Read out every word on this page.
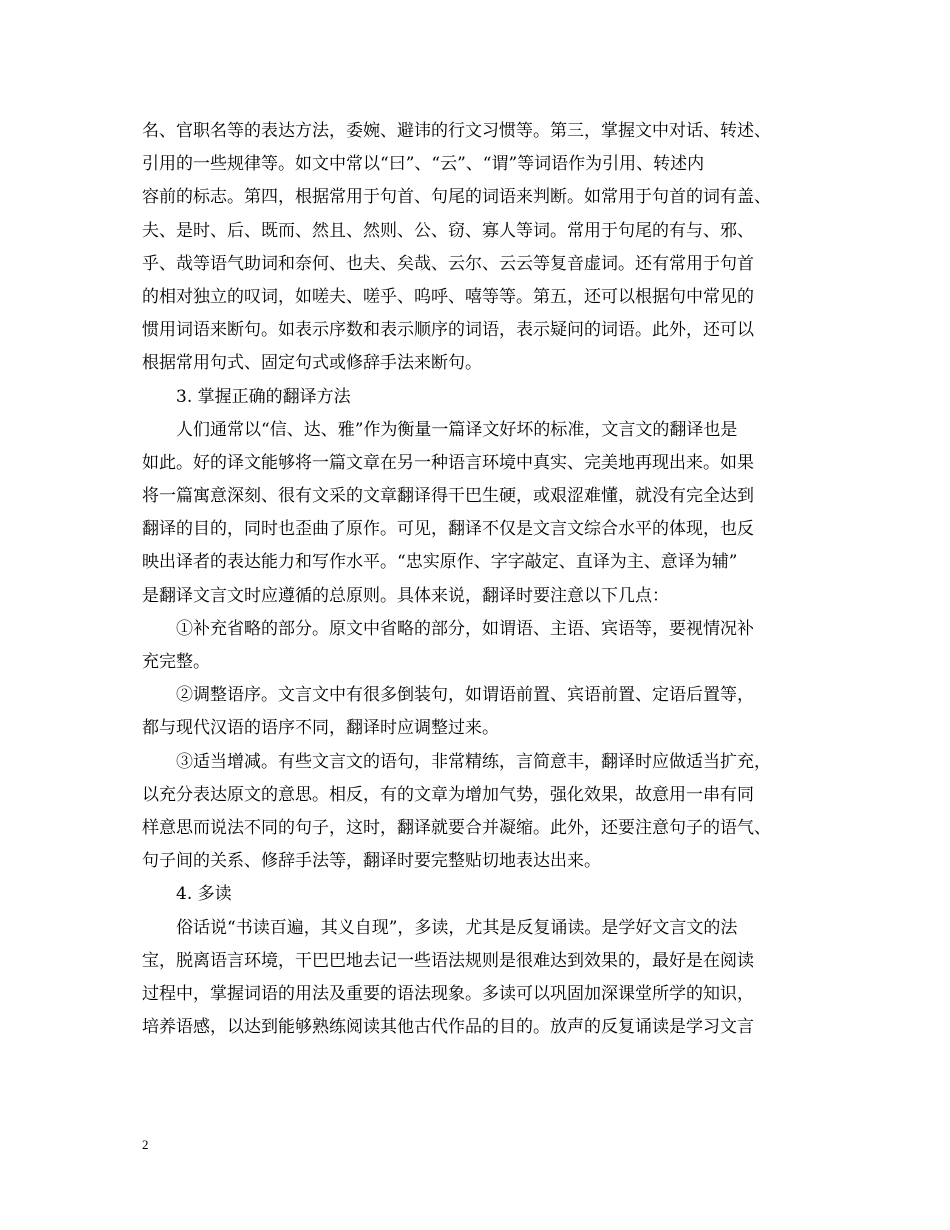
名、官职名等的表达方法，委婉、避讳的行文习惯等。第三，掌握文中对话、转述、
引用的一些规律等。如文中常以“曰”、“云”、“谓”等词语作为引用、转述内
容前的标志。第四，根据常用于句首、句尾的词语来判断。如常用于句首的词有盖、
夫、是时、后、既而、然且、然则、公、窃、寡人等词。常用于句尾的有与、邪、
乎、哉等语气助词和奈何、也夫、矣哉、云尔、云云等复音虚词。还有常用于句首
的相对独立的叹词，如嗟夫、嗟乎、呜呼、嘻等等。第五，还可以根据句中常见的
惯用词语来断句。如表示序数和表示顺序的词语，表示疑问的词语。此外，还可以
根据常用句式、固定句式或修辞手法来断句。
3. 掌握正确的翻译方法
人们通常以“信、达、雅”作为衡量一篇译文好坏的标准，文言文的翻译也是
如此。好的译文能够将一篇文章在另一种语言环境中真实、完美地再现出来。如果
将一篇寓意深刻、很有文采的文章翻译得干巴生硬，或艰涩难懂，就没有完全达到
翻译的目的，同时也歪曲了原作。可见，翻译不仅是文言文综合水平的体现，也反
映出译者的表达能力和写作水平。“忠实原作、字字敲定、直译为主、意译为辅”
是翻译文言文时应遵循的总原则。具体来说，翻译时要注意以下几点：
①补充省略的部分。原文中省略的部分，如谓语、主语、宾语等，要视情况补
充完整。
②调整语序。文言文中有很多倒装句，如谓语前置、宾语前置、定语后置等，
都与现代汉语的语序不同，翻译时应调整过来。
③适当增减。有些文言文的语句，非常精练，言简意丰，翻译时应做适当扩充，
以充分表达原文的意思。相反，有的文章为增加气势，强化效果，故意用一串有同
样意思而说法不同的句子，这时，翻译就要合并凝缩。此外，还要注意句子的语气、
句子间的关系、修辞手法等，翻译时要完整贴切地表达出来。
4. 多读
俗话说“书读百遍，其义自现”，多读，尤其是反复诵读。是学好文言文的法
宝，脱离语言环境，干巴巴地去记一些语法规则是很难达到效果的，最好是在阅读
过程中，掌握词语的用法及重要的语法现象。多读可以巩固加深课堂所学的知识，
培养语感，以达到能够熟练阅读其他古代作品的目的。放声的反复诵读是学习文言
2
